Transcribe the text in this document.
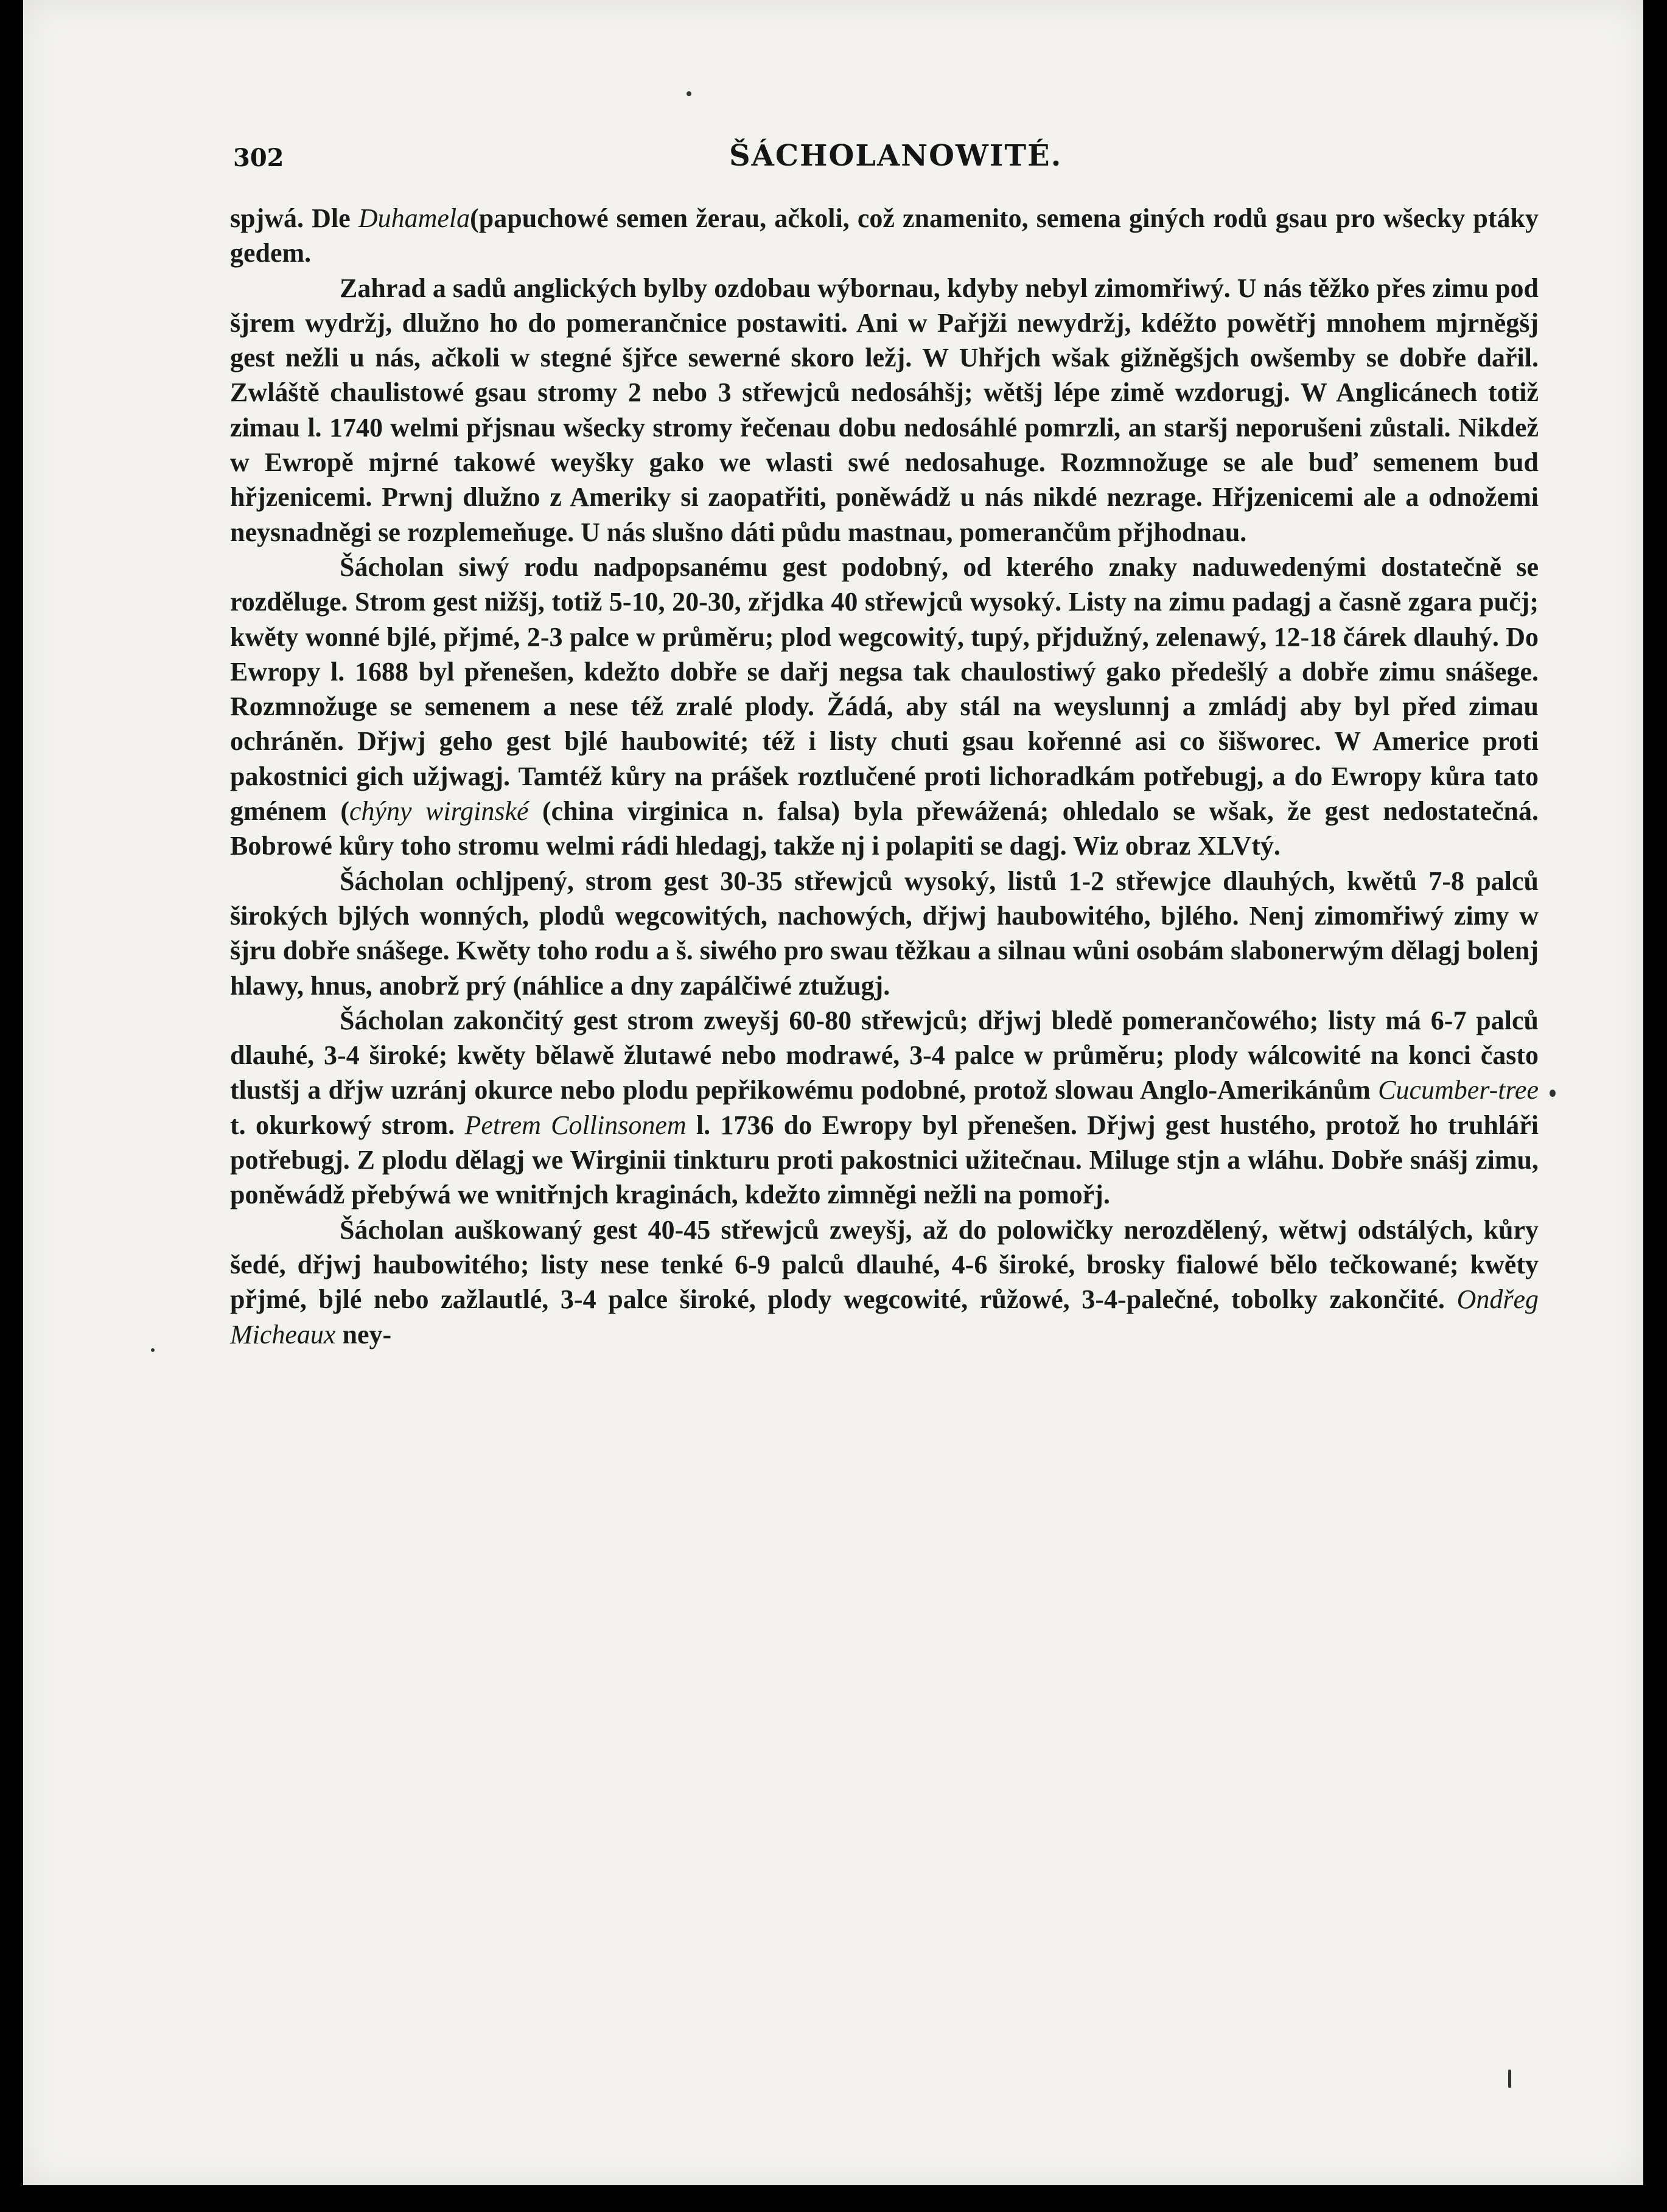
302	ŠÁCHOLANOWITÉ.

spjwá. Dle Duhamela(papuchowé semen žerau, ačkoli, což znamenito, semena giných rodů gsau pro wšecky ptáky gedem.

Zahrad a sadů anglických bylby ozdobau wýbornau, kdyby nebyl zimomřiwý. U nás těžko přes zimu pod šjrem wydržj, dlužno ho do pomerančnice postawiti. Ani w Pařjži newydržj, kdéžto powětřj mnohem mjrněgšj gest nežli u nás, ačkoli w stegné šjřce sewerné skoro ležj. W Uhřjch wšak gižněgšjch owšemby se dobře dařil. Zwláště chaulistowé gsau stromy 2 nebo 3 střewjců nedosáhšj; wětšj lépe zimě wzdorugj. W Anglicánech totiž zimau l. 1740 welmi přjsnau wšecky stromy řečenau dobu nedosáhlé pomrzli, an staršj neporušeni zůstali. Nikdež w Ewropě mjrné takowé weyšky gako we wlasti swé nedosahuge. Rozmnožuge se ale buď semenem bud hřjzenicemi. Prwnj dlužno z Ameriky si zaopatřiti, poněwádž u nás nikdé nezrage. Hřjzenicemi ale a odnožemi neysnadněgi se rozplemeňuge. U nás slušno dáti půdu mastnau, pomerančům přjhodnau.

Šácholan siwý rodu nadpopsanému gest podobný, od kterého znaky naduwedenými dostatečně se rozděluge. Strom gest nižšj, totiž 5-10, 20-30, zřjdka 40 střewjců wysoký. Listy na zimu padagj a časně zgara pučj; kwěty wonné bjlé, přjmé, 2-3 palce w průměru; plod wegcowitý, tupý, přjdužný, zelenawý, 12-18 čárek dlauhý. Do Ewropy l. 1688 byl přenešen, kdežto dobře se dařj negsa tak chaulostiwý gako předešlý a dobře zimu snášege. Rozmnožuge se semenem a nese též zralé plody. Žádá, aby stál na weyslunnj a zmládj aby byl před zimau ochráněn. Dřjwj geho gest bjlé haubowité; též i listy chuti gsau kořenné asi co šišworec. W Americe proti pakostnici gich užjwagj. Tamtéž kůry na prášek roztlučené proti lichoradkám potřebugj, a do Ewropy kůra tato gménem (chýny wirginské (china virginica n. falsa) byla přewážená; ohledalo se wšak, že gest nedostatečná. Bobrowé kůry toho stromu welmi rádi hledagj, takže nj i polapiti se dagj. Wiz obraz XLVtý.

Šácholan ochljpený, strom gest 30-35 střewjců wysoký, listů 1-2 střewjce dlauhých, kwětů 7-8 palců širokých bjlých wonných, plodů wegcowitých, nachowých, dřjwj haubowitého, bjlého. Nenj zimomřiwý zimy w šjru dobře snášege. Kwěty toho rodu a š. siwého pro swau těžkau a silnau wůni osobám slabonerwým dělagj bolenj hlawy, hnus, anobrž prý (náhlice a dny zapálčiwé ztužugj.

Šácholan zakončitý gest strom zweyšj 60-80 střewjců; dřjwj bledě pomerančowého; listy má 6-7 palců dlauhé, 3-4 široké; kwěty bělawě žlutawé nebo modrawé, 3-4 palce w průměru; plody wálcowité na konci často tlustšj a dřjw uzránj okurce nebo plodu pepřikowému podobné, protož slowau Anglo-Amerikánům Cucumber-tree t. okurkowý strom. Petrem Collinsonem l. 1736 do Ewropy byl přenešen. Dřjwj gest hustého, protož ho truhláři potřebugj. Z plodu dělagj we Wirginii tinkturu proti pakostnici užitečnau. Miluge stjn a wláhu. Dobře snášj zimu, poněwádž přebýwá we wnitřnjch kraginách, kdežto zimněgi nežli na pomořj.

Šácholan auškowaný gest 40-45 střewjců zweyšj, až do polowičky nerozdělený, wětwj odstálých, kůry šedé, dřjwj haubowitého; listy nese tenké 6-9 palců dlauhé, 4-6 široké, brosky fialowé bělo tečkowané; kwěty přjmé, bjlé nebo zažlautlé, 3-4 palce široké, plody wegcowité, růžowé, 3-4-palečné, tobolky zakončité. Ondřeg Micheaux ney-
